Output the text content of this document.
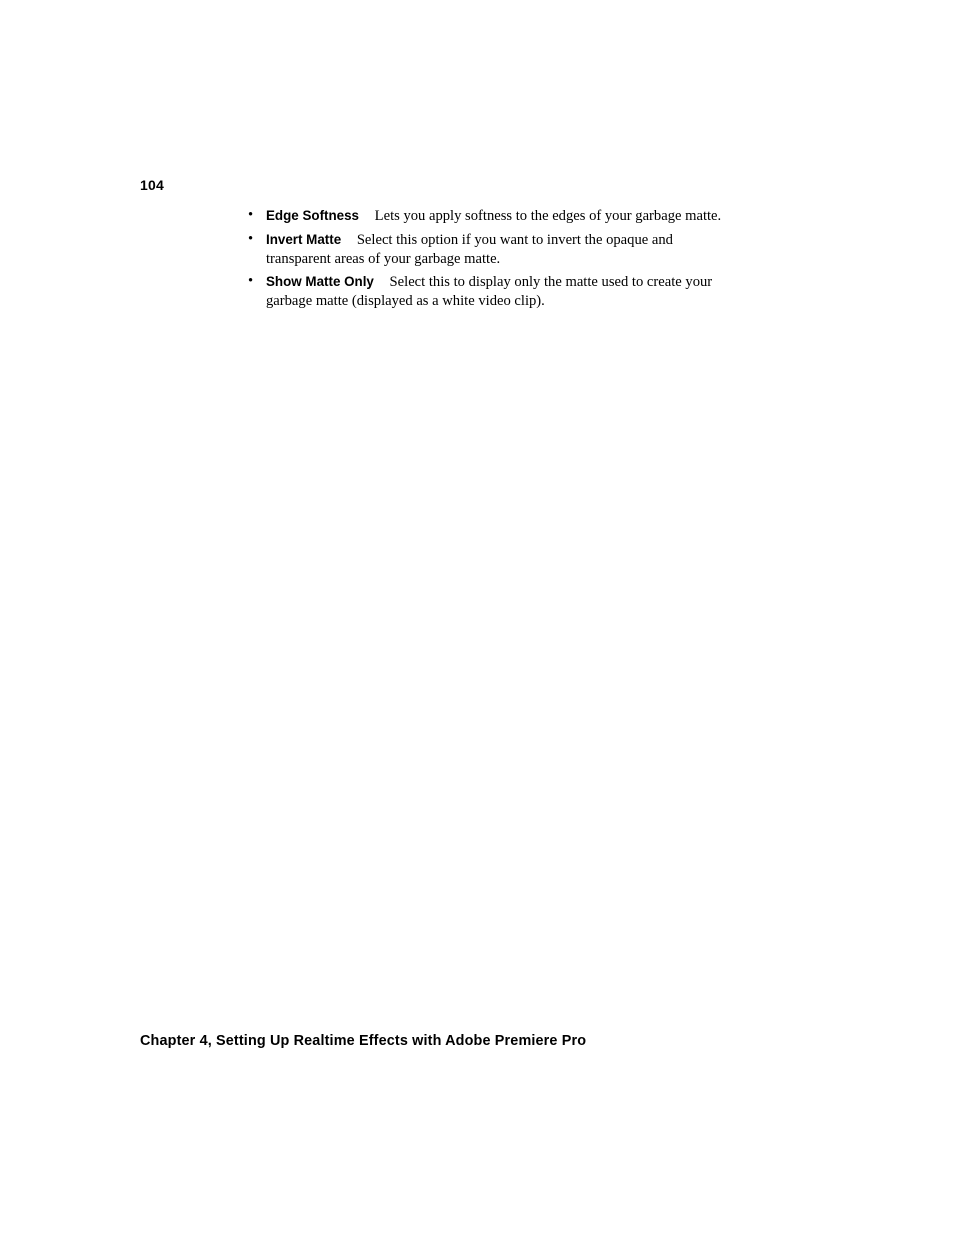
104
• Edge Softness Lets you apply softness to the edges of your garbage matte.
• Invert Matte Select this option if you want to invert the opaque and transparent areas of your garbage matte.
• Show Matte Only Select this to display only the matte used to create your garbage matte (displayed as a white video clip).
Chapter 4, Setting Up Realtime Effects with Adobe Premiere Pro
